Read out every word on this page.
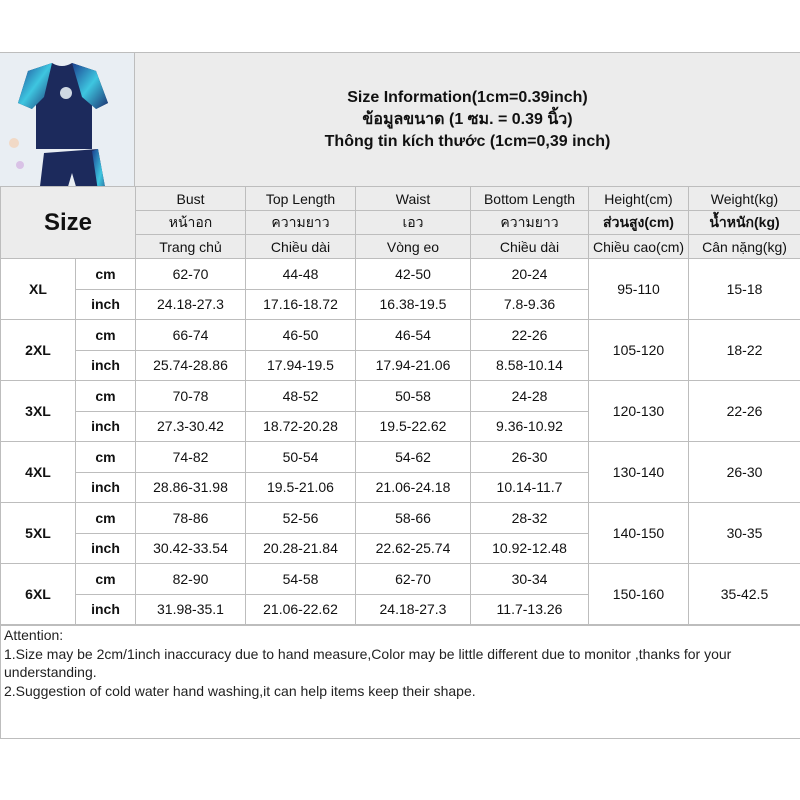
Size Information(1cm=0.39inch)
ข้อมูลขนาด (1 ซม. = 0.39 นิ้ว)
Thông tin kích thước (1cm=0,39 inch)
Size		Bust	Top Length	Waist	Bottom Length	Height(cm)	Weight(kg)
		หน้าอก	ความยาว	เอว	ความยาว	ส่วนสูง(cm)	น้ำหนัก(kg)
		Trang chủ	Chiều dài	Vòng eo	Chiều dài	Chiều cao(cm)	Cân nặng(kg)
XL	cm	62-70	44-48	42-50	20-24	95-110	15-18
	inch	24.18-27.3	17.16-18.72	16.38-19.5	7.8-9.36		
2XL	cm	66-74	46-50	46-54	22-26	105-120	18-22
	inch	25.74-28.86	17.94-19.5	17.94-21.06	8.58-10.14		
3XL	cm	70-78	48-52	50-58	24-28	120-130	22-26
	inch	27.3-30.42	18.72-20.28	19.5-22.62	9.36-10.92		
4XL	cm	74-82	50-54	54-62	26-30	130-140	26-30
	inch	28.86-31.98	19.5-21.06	21.06-24.18	10.14-11.7		
5XL	cm	78-86	52-56	58-66	28-32	140-150	30-35
	inch	30.42-33.54	20.28-21.84	22.62-25.74	10.92-12.48		
6XL	cm	82-90	54-58	62-70	30-34	150-160	35-42.5
	inch	31.98-35.1	21.06-22.62	24.18-27.3	11.7-13.26		
Attention:
1.Size may be 2cm/1inch inaccuracy due to hand measure,Color may be little different due to monitor ,thanks for your understanding.
2.Suggestion of cold water hand washing,it can help items keep their shape.
